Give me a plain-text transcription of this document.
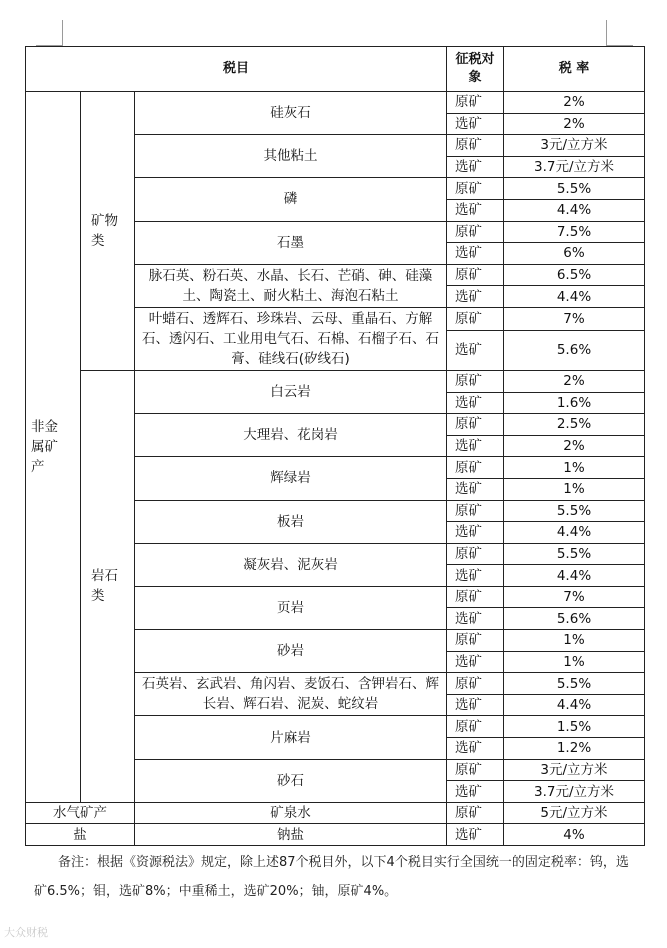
税目			征税对象	税 率
非金属矿产	矿物类	硅灰石	原矿	2%
			选矿	2%
		其他粘土	原矿	3元/立方米
			选矿	3.7元/立方米
		磷	原矿	5.5%
			选矿	4.4%
		石墨	原矿	7.5%
			选矿	6%
		脉石英、粉石英、水晶、长石、芒硝、砷、硅藻土、陶瓷土、耐火粘土、海泡石粘土	原矿	6.5%
			选矿	4.4%
		叶蜡石、透辉石、珍珠岩、云母、重晶石、方解石、透闪石、工业用电气石、石棉、石榴子石、石膏、硅线石(矽线石)	原矿	7%
			选矿	5.6%
	岩石类	白云岩	原矿	2%
			选矿	1.6%
		大理岩、花岗岩	原矿	2.5%
			选矿	2%
		辉绿岩	原矿	1%
			选矿	1%
		板岩	原矿	5.5%
			选矿	4.4%
		凝灰岩、泥灰岩	原矿	5.5%
			选矿	4.4%
		页岩	原矿	7%
			选矿	5.6%
		砂岩	原矿	1%
			选矿	1%
		石英岩、玄武岩、角闪岩、麦饭石、含钾岩石、辉长岩、辉石岩、泥炭、蛇纹岩	原矿	5.5%
			选矿	4.4%
		片麻岩	原矿	1.5%
			选矿	1.2%
		砂石	原矿	3元/立方米
			选矿	3.7元/立方米
水气矿产		矿泉水	原矿	5元/立方米
盐		钠盐	选矿	4%
备注：根据《资源税法》规定，除上述87个税目外，以下4个税目实行全国统一的固定税率：钨，选矿6.5%；钼，选矿8%；中重稀土，选矿20%；铀，原矿4%。
大众财税
